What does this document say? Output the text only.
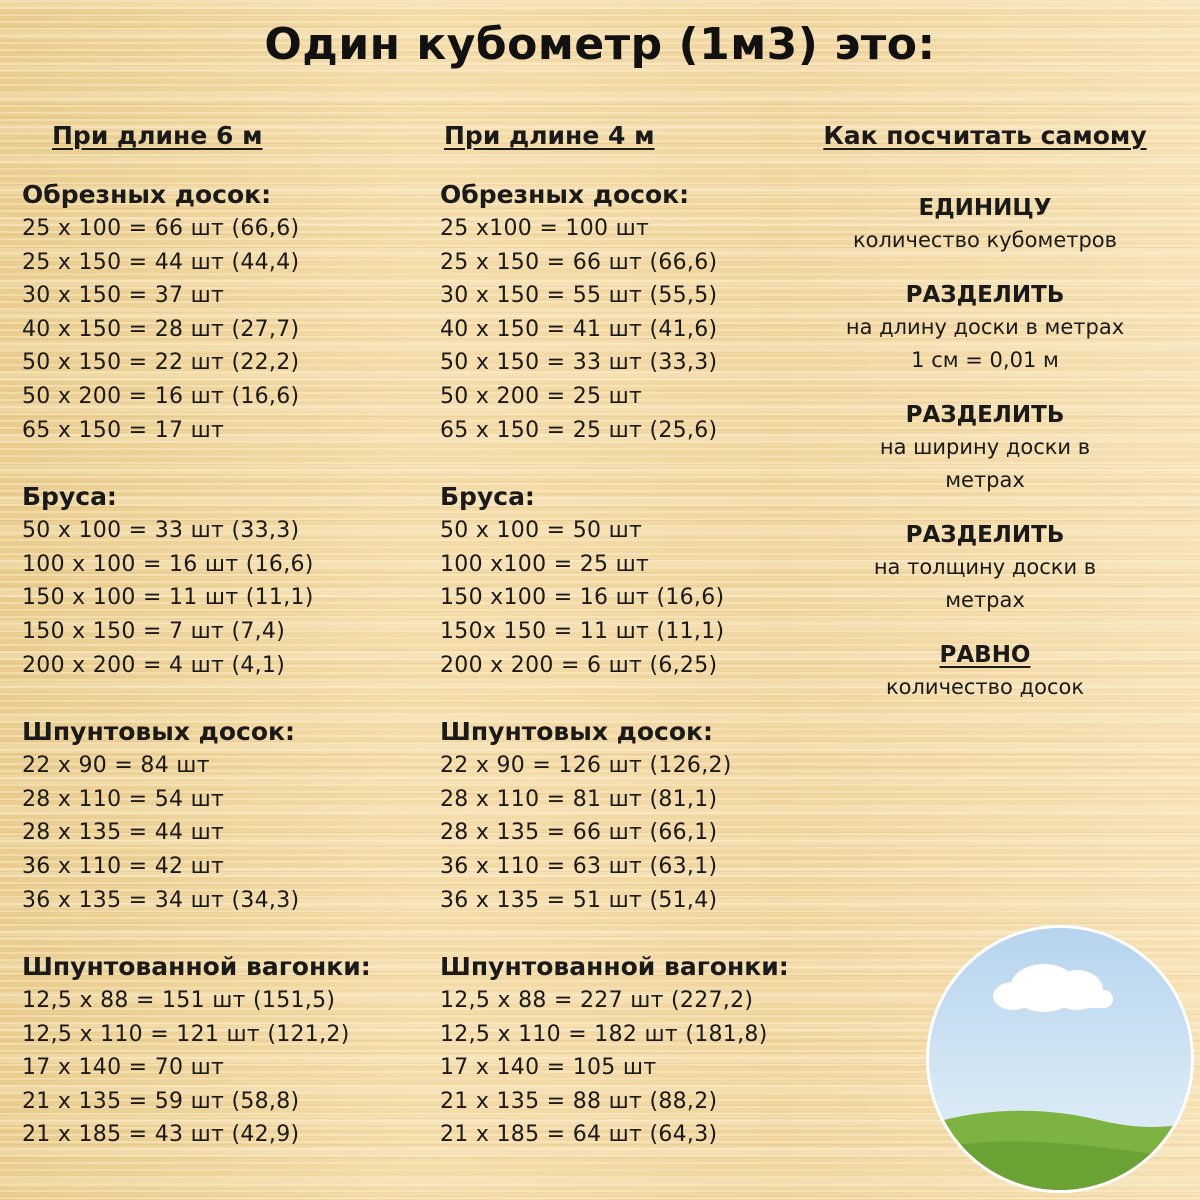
Один кубометр (1м3) это:
При длине 6 м
Обрезных досок:
25 x 100 = 66 шт (66,6)
25 x 150 = 44 шт (44,4)
30 x 150 = 37 шт
40 x 150 = 28 шт (27,7)
50 x 150 = 22 шт (22,2)
50 x 200 = 16 шт (16,6)
65 x 150 = 17 шт
Бруса:
50 x 100 = 33 шт (33,3)
100 x 100 = 16 шт (16,6)
150 x 100 = 11 шт (11,1)
150 x 150 = 7 шт (7,4)
200 x 200 = 4 шт (4,1)
Шпунтовых досок:
22 x 90 = 84 шт
28 x 110 = 54 шт
28 x 135 = 44 шт
36 x 110 = 42 шт
36 x 135 = 34 шт (34,3)
Шпунтованной вагонки:
12,5 x 88 = 151 шт (151,5)
12,5 x 110 = 121 шт (121,2)
17 x 140 = 70 шт
21 x 135 = 59 шт (58,8)
21 x 185 = 43 шт (42,9)
При длине 4 м
Обрезных досок:
25 x100 = 100 шт
25 x 150 = 66 шт (66,6)
30 x 150 = 55 шт (55,5)
40 x 150 = 41 шт (41,6)
50 x 150 = 33 шт (33,3)
50 x 200 = 25 шт
65 x 150 = 25 шт (25,6)
Бруса:
50 x 100 = 50 шт
100 x100 = 25 шт
150 x100 = 16 шт (16,6)
150x 150 = 11 шт (11,1)
200 x 200 = 6 шт (6,25)
Шпунтовых досок:
22 x 90 = 126 шт (126,2)
28 x 110 = 81 шт (81,1)
28 x 135 = 66 шт (66,1)
36 x 110 = 63 шт (63,1)
36 x 135 = 51 шт (51,4)
Шпунтованной вагонки:
12,5 x 88 = 227 шт (227,2)
12,5 x 110 = 182 шт (181,8)
17 x 140 = 105 шт
21 x 135 = 88 шт (88,2)
21 x 185 = 64 шт (64,3)
Как посчитать самому
ЕДИНИЦУ
количество кубометров
РАЗДЕЛИТЬ
на длину доски в метрах
1 см = 0,01 м
РАЗДЕЛИТЬ
на ширину доски в
метрах
РАЗДЕЛИТЬ
на толщину доски в
метрах
РАВНО
количество досок
